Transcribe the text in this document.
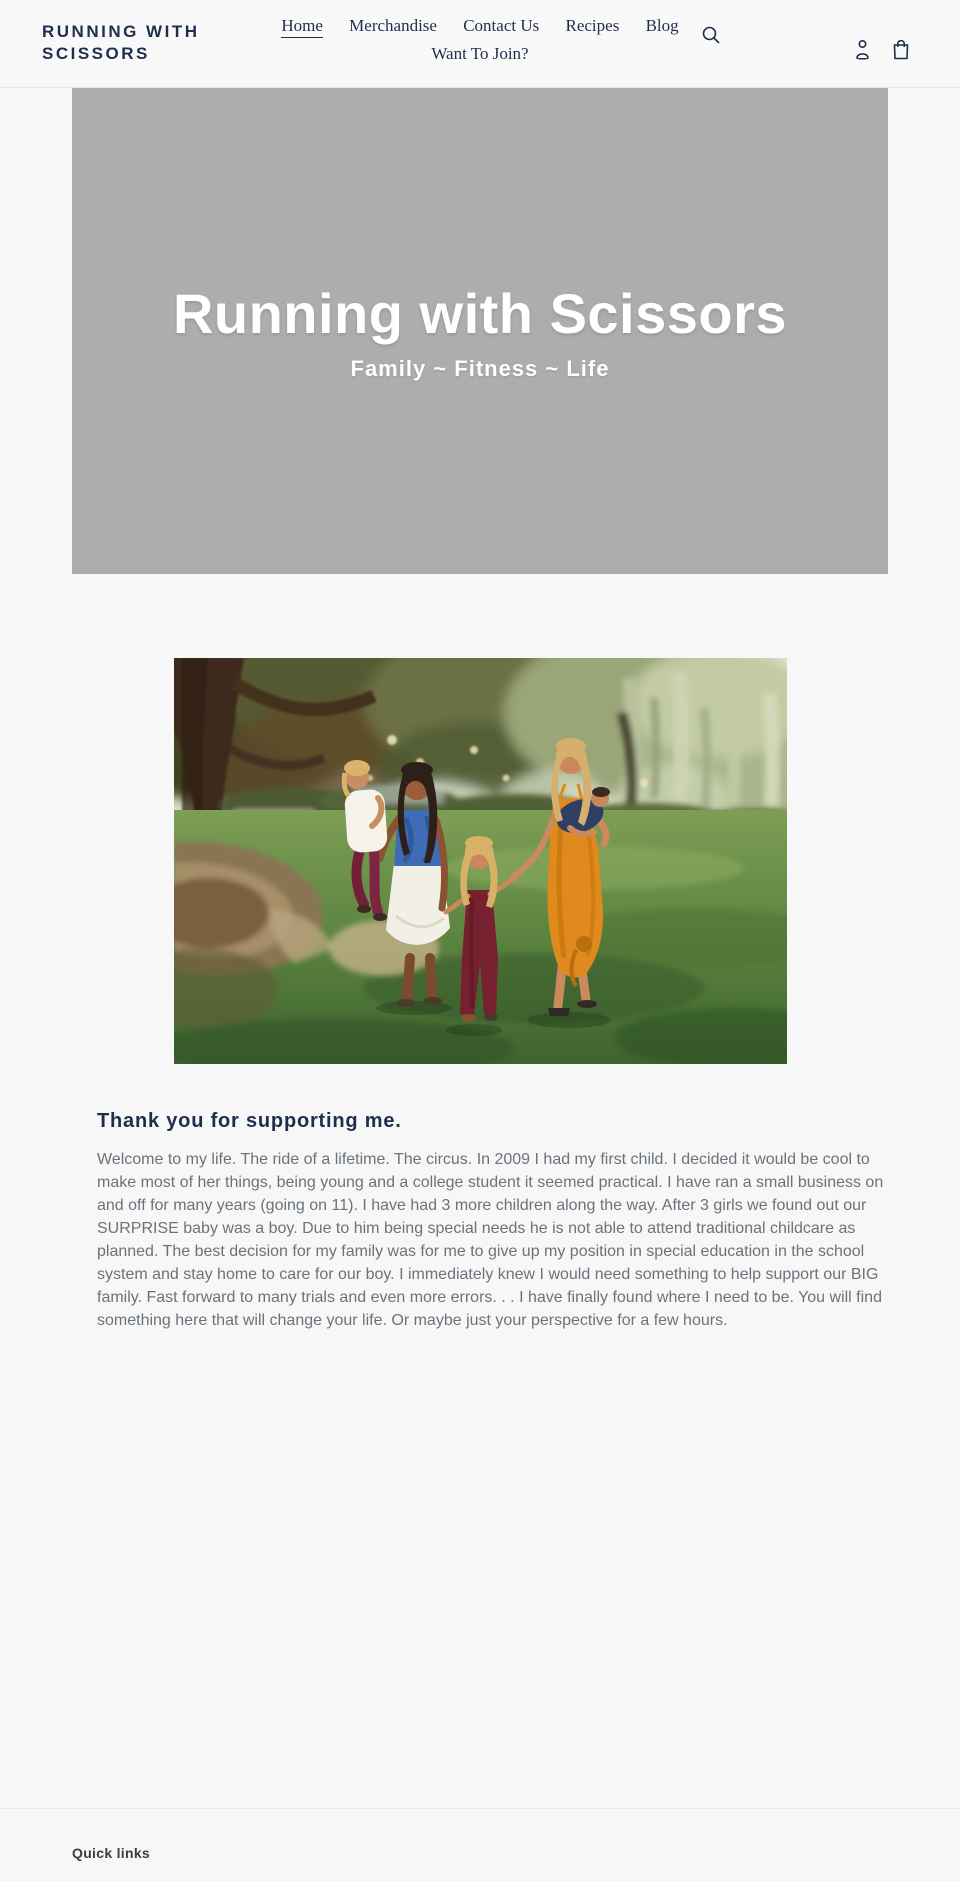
RUNNING WITH SCISSORS
Home Merchandise Contact Us Recipes Blog
Want To Join?
Running with Scissors

Family ~ Fitness ~ Life

Thank you for supporting me.

Welcome to my life. The ride of a lifetime. The circus. In 2009 I had my first child. I decided it would be cool to make most of her things, being young and a college student it seemed practical. I have ran a small business on and off for many years (going on 11). I have had 3 more children along the way. After 3 girls we found out our SURPRISE baby was a boy. Due to him being special needs he is not able to attend traditional childcare as planned. The best decision for my family was for me to give up my position in special education in the school system and stay home to care for our boy. I immediately knew I would need something to help support our BIG family. Fast forward to many trials and even more errors. . . I have finally found where I need to be. You will find something here that will change your life. Or maybe just your perspective for a few hours.

Quick links
